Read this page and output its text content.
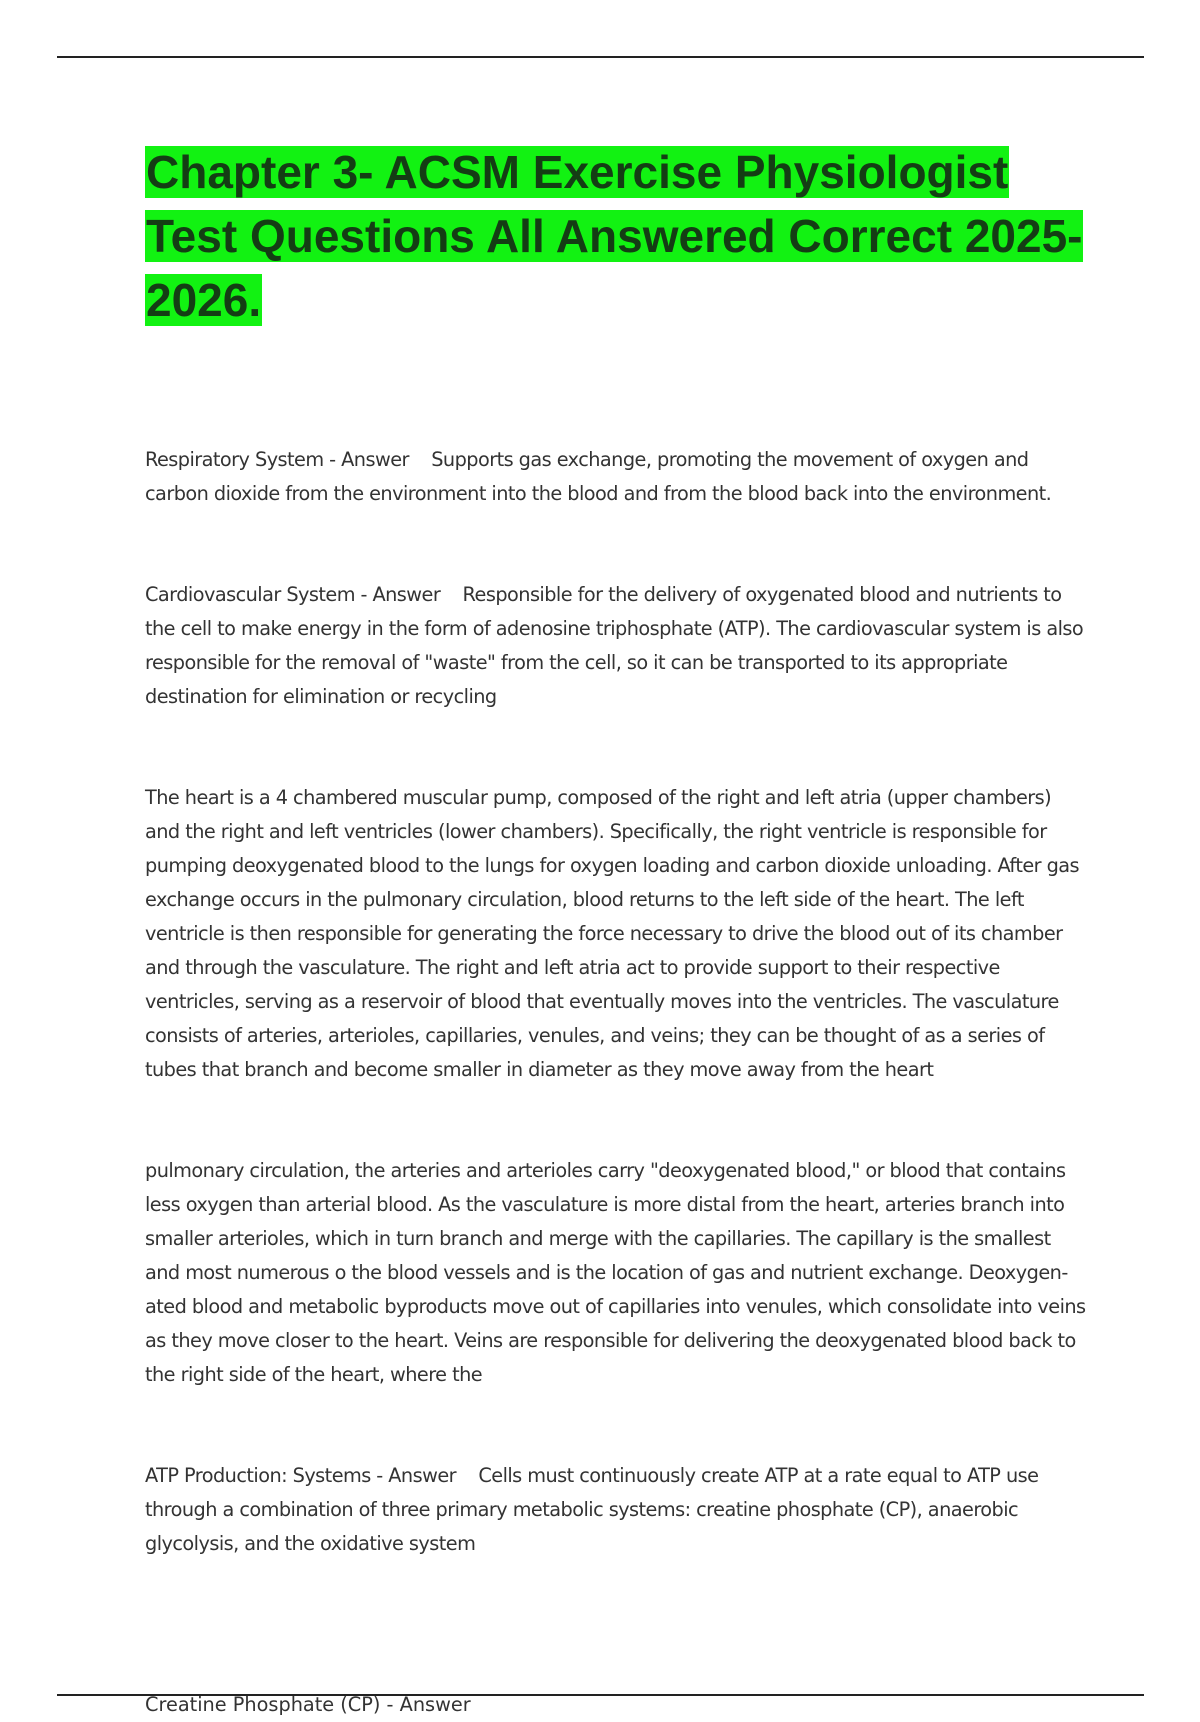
Chapter 3- ACSM Exercise Physiologist Test Questions All Answered Correct 2025-2026.

Respiratory System - Answer Supports gas exchange, promoting the movement of oxygen and carbon dioxide from the environment into the blood and from the blood back into the environment.

Cardiovascular System - Answer Responsible for the delivery of oxygenated blood and nutrients to the cell to make energy in the form of adenosine triphosphate (ATP). The cardiovascular system is also responsible for the removal of "waste" from the cell, so it can be transported to its appropriate destination for elimination or recycling

The heart is a 4 chambered muscular pump, composed of the right and left atria (upper chambers) and the right and left ventricles (lower chambers). Specifically, the right ventricle is responsible for pumping deoxygenated blood to the lungs for oxygen loading and carbon dioxide unloading. After gas exchange occurs in the pulmonary circulation, blood returns to the left side of the heart. The left ventricle is then responsible for generating the force necessary to drive the blood out of its chamber and through the vasculature. The right and left atria act to provide support to their respective ventricles, serving as a reservoir of blood that eventually moves into the ventricles. The vasculature consists of arteries, arterioles, capillaries, venules, and veins; they can be thought of as a series of tubes that branch and become smaller in diameter as they move away from the heart

pulmonary circulation, the arteries and arterioles carry "deoxygenated blood," or blood that contains less oxygen than arterial blood. As the vasculature is more distal from the heart, arteries branch into smaller arterioles, which in turn branch and merge with the capillaries. The capillary is the smallest and most numerous o the blood vessels and is the location of gas and nutrient exchange. Deoxygen-ated blood and metabolic byproducts move out of capillaries into venules, which consolidate into veins as they move closer to the heart. Veins are responsible for delivering the deoxygenated blood back to the right side of the heart, where the

ATP Production: Systems - Answer Cells must continuously create ATP at a rate equal to ATP use through a combination of three primary metabolic systems: creatine phosphate (CP), anaerobic glycolysis, and the oxidative system

Creatine Phosphate (CP) - Answer
